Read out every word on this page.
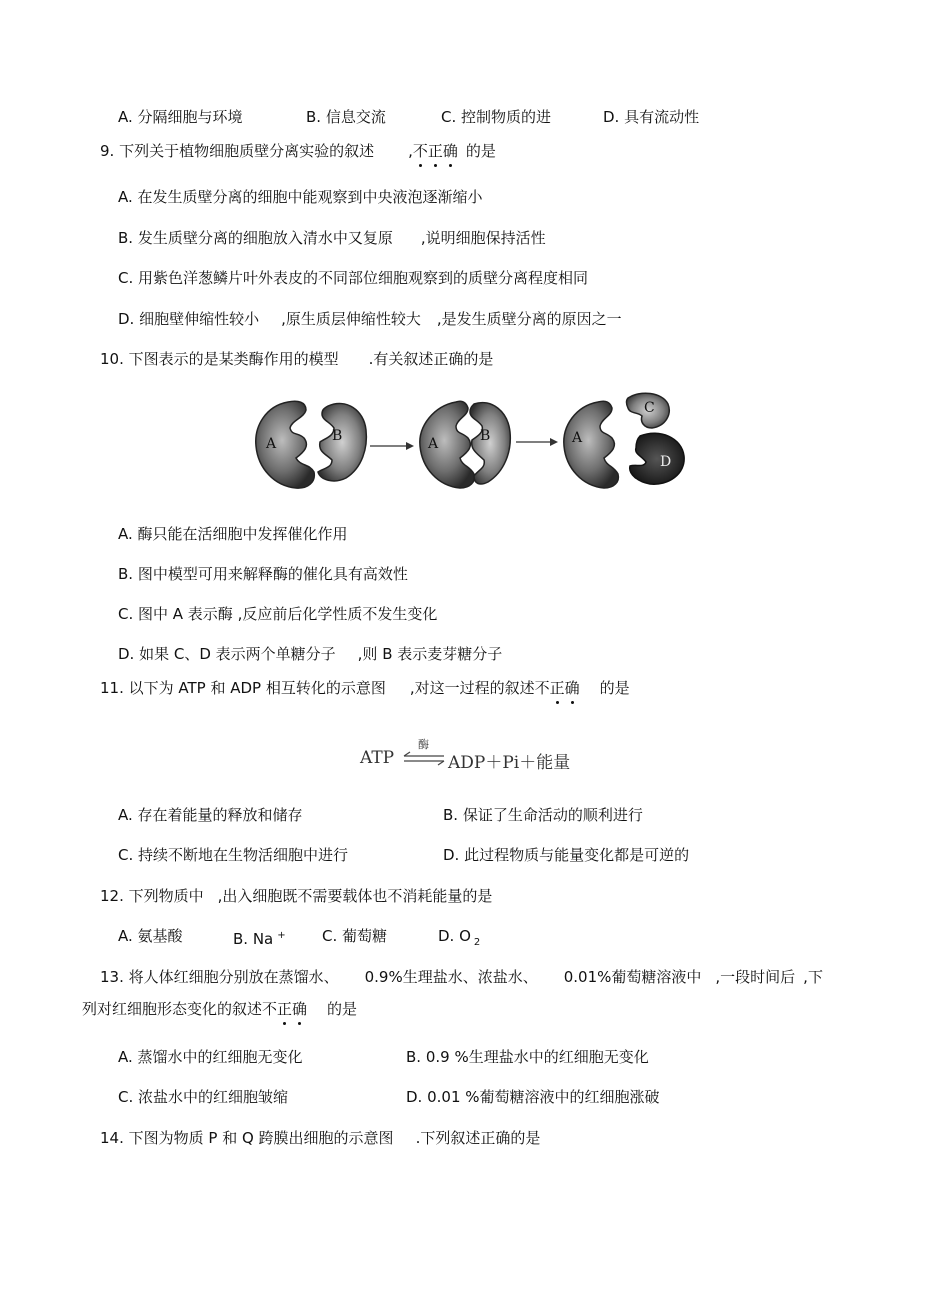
A. 分隔细胞与环境	B. 信息交流	C. 控制物质的进	D. 具有流动性
9. 下列关于植物细胞质壁分离实验的叙述 ,不正确 的是
A. 在发生质壁分离的细胞中能观察到中央液泡逐渐缩小
B. 发生质壁分离的细胞放入清水中又复原 ,说明细胞保持活性
C. 用紫色洋葱鳞片叶外表皮的不同部位细胞观察到的质壁分离程度相同
D. 细胞壁伸缩性较小 ,原生质层伸缩性较大 ,是发生质壁分离的原因之一
10. 下图表示的是某类酶作用的模型 .有关叙述正确的是
A	B	A	B	A
C
D
A. 酶只能在活细胞中发挥催化作用
B. 图中模型可用来解释酶的催化具有高效性
C. 图中 A 表示酶 ,反应前后化学性质不发生变化
D. 如果 C、D 表示两个单糖分子 ,则 B 表示麦芽糖分子
11. 以下为 ATP 和 ADP 相互转化的示意图 ,对这一过程的叙述不正确 的是
ATP ⇌
酶
ADP＋Pi＋能量
A. 存在着能量的释放和储存	B. 保证了生命活动的顺利进行
C. 持续不断地在生物活细胞中进行	D. 此过程物质与能量变化都是可逆的
12. 下列物质中 ,出入细胞既不需要载体也不消耗能量的是
A. 氨基酸	B. Na + C. 葡萄糖	D. O $_2$
13. 将人体红细胞分别放在蒸馏水、 0.9%生理盐水、浓盐水、 0.01%葡萄糖溶液中 ,一段时间后 ,下
列对红细胞形态变化的叙述不正确 的是
A. 蒸馏水中的红细胞无变化	B. 0.9 %生理盐水中的红细胞无变化
C. 浓盐水中的红细胞皱缩	D. 0.01 %葡萄糖溶液中的红细胞涨破
14. 下图为物质 P 和 Q 跨膜出细胞的示意图 .下列叙述正确的是
